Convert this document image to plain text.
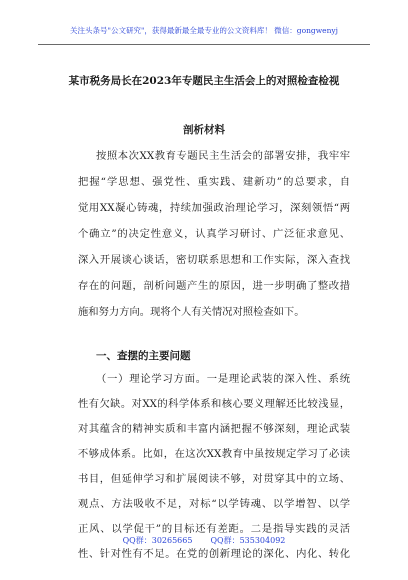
关注头条号"公文研究"，获得最新最全最专业的公文资料库！ 微信：gongwenyj
某市税务局长在2023年专题民主生活会上的对照检查检视
剖析材料
按照本次XX教育专题民主生活会的部署安排，我牢牢
把握“学思想、强党性、重实践、建新功”的总要求，自
觉用XX凝心铸魂，持续加强政治理论学习，深刻领悟“两
个确立”的决定性意义，认真学习研讨、广泛征求意见、
深入开展谈心谈话，密切联系思想和工作实际，深入查找
存在的问题，剖析问题产生的原因，进一步明确了整改措
施和努力方向。现将个人有关情况对照检查如下。
一、查摆的主要问题
（一）理论学习方面。一是理论武装的深入性、系统
性有欠缺。对XX的科学体系和核心要义理解还比较浅显，
对其蕴含的精神实质和丰富内涵把握不够深刻，理论武装
不够成体系。比如，在这次XX教育中虽按规定学习了必读
书目，但延伸学习和扩展阅读不够，对贯穿其中的立场、
观点、方法吸收不足，对标“以学铸魂、以学增智、以学
正风、以学促干”的目标还有差距。二是指导实践的灵活
性、针对性有不足。在党的创新理论的深化、内化、转化
QQ群：30265665 QQ群：535304092
